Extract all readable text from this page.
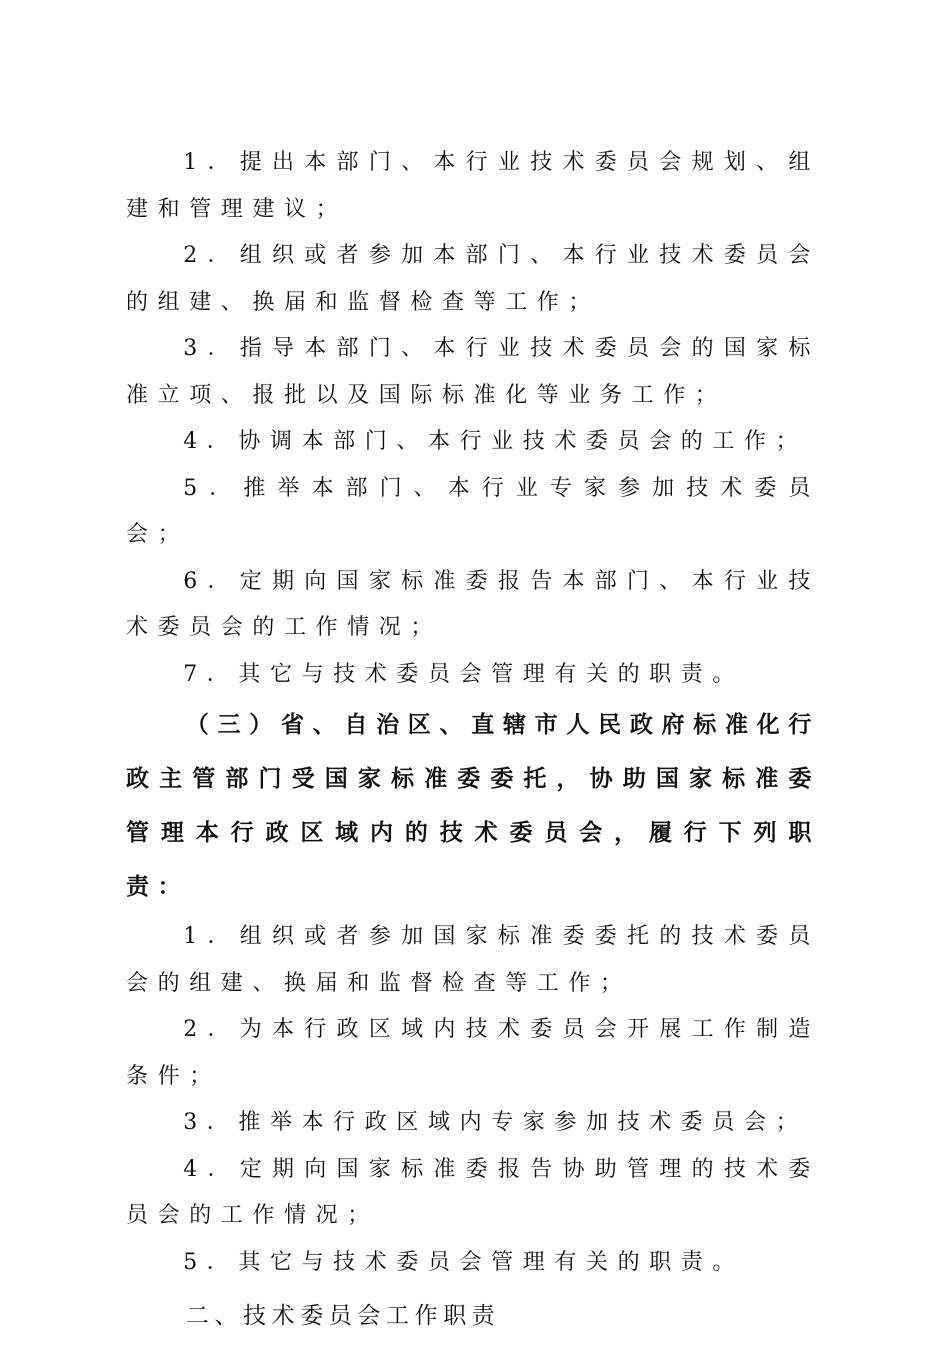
1．提出本部门、本行业技术委员会规划、组建和管理建议；

2．组织或者参加本部门、本行业技术委员会的组建、换届和监督检查等工作；

3．指导本部门、本行业技术委员会的国家标准立项、报批以及国际标准化等业务工作；

4．协调本部门、本行业技术委员会的工作；

5．推举本部门、本行业专家参加技术委员会；

6．定期向国家标准委报告本部门、本行业技术委员会的工作情况；

7．其它与技术委员会管理有关的职责。

（三）省、自治区、直辖市人民政府标准化行政主管部门受国家标准委委托，协助国家标准委管理本行政区域内的技术委员会，履行下列职责：

1．组织或者参加国家标准委委托的技术委员会的组建、换届和监督检查等工作；

2．为本行政区域内技术委员会开展工作制造条件；

3．推举本行政区域内专家参加技术委员会；

4．定期向国家标准委报告协助管理的技术委员会的工作情况；

5．其它与技术委员会管理有关的职责。

二、技术委员会工作职责
